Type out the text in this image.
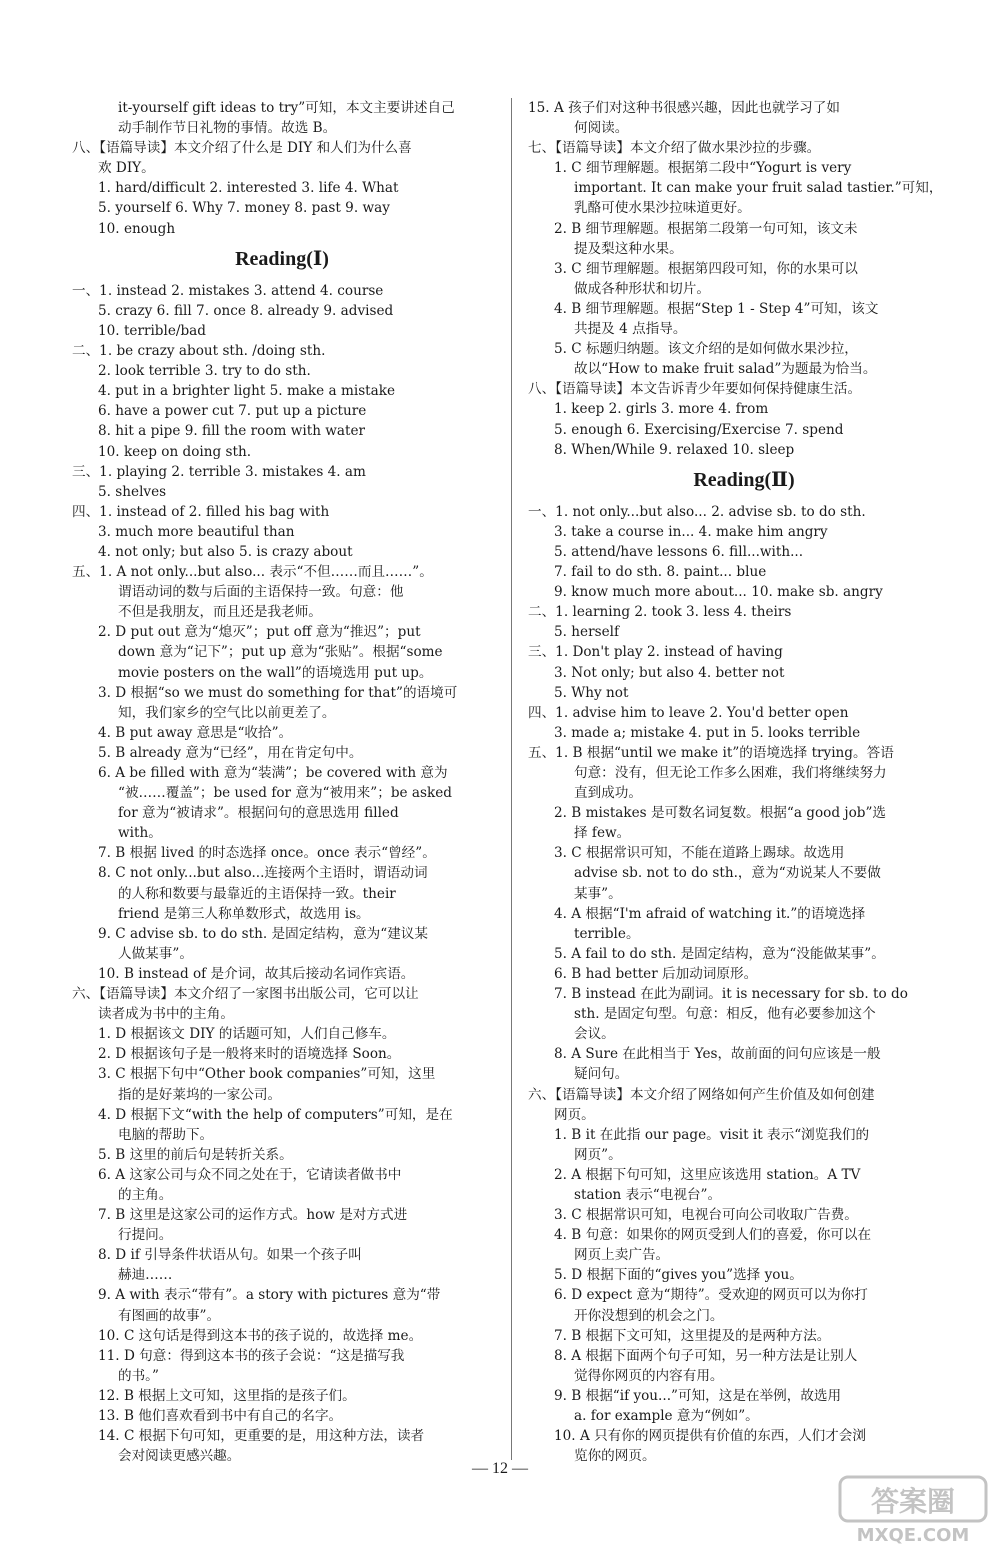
it-yourself gift ideas to try”可知，本文主要讲述自己

动手制作节日礼物的事情。故选 B。

八、【语篇导读】本文介绍了什么是 DIY 和人们为什么喜

欢 DIY。

1. hard/difficult 2. interested 3. life 4. What

5. yourself 6. Why 7. money 8. past 9. way

10. enough

Reading(Ⅰ)

一、1. instead 2. mistakes 3. attend 4. course

5. crazy 6. fill 7. once 8. already 9. advised

10. terrible/bad

二、1. be crazy about sth. /doing sth.

2. look terrible 3. try to do sth.

4. put in a brighter light 5. make a mistake

6. have a power cut 7. put up a picture

8. hit a pipe 9. fill the room with water

10. keep on doing sth.

三、1. playing 2. terrible 3. mistakes 4. am

5. shelves

四、1. instead of 2. filled his bag with

3. much more beautiful than

4. not only; but also 5. is crazy about

五、1. A not only...but also... 表示“不但……而且……”。

谓语动词的数与后面的主语保持一致。句意：他

不但是我朋友，而且还是我老师。

2. D put out 意为“熄灭”；put off 意为“推迟”；put

down 意为“记下”；put up 意为“张贴”。根据“some

movie posters on the wall”的语境选用 put up。

3. D 根据“so we must do something for that”的语境可

知，我们家乡的空气比以前更差了。

4. B put away 意思是“收拾”。

5. B already 意为“已经”，用在肯定句中。

6. A be filled with 意为“装满”；be covered with 意为

“被……覆盖”；be used for 意为“被用来”；be asked

for 意为“被请求”。根据问句的意思选用 filled

with。

7. B 根据 lived 的时态选择 once。once 表示“曾经”。

8. C not only...but also...连接两个主语时，谓语动词

的人称和数要与最靠近的主语保持一致。their

friend 是第三人称单数形式，故选用 is。

9. C advise sb. to do sth. 是固定结构，意为“建议某

人做某事”。

10. B instead of 是介词，故其后接动名词作宾语。

六、【语篇导读】本文介绍了一家图书出版公司，它可以让

读者成为书中的主角。

1. D 根据该文 DIY 的话题可知，人们自己修车。

2. D 根据该句子是一般将来时的语境选择 Soon。

3. C 根据下句中“Other book companies”可知，这里

指的是好莱坞的一家公司。

4. D 根据下文“with the help of computers”可知，是在

电脑的帮助下。

5. B 这里的前后句是转折关系。

6. A 这家公司与众不同之处在于，它请读者做书中

的主角。

7. B 这里是这家公司的运作方式。how 是对方式进

行提问。

8. D if 引导条件状语从句。如果一个孩子叫

赫迪……

9. A with 表示“带有”。a story with pictures 意为“带

有图画的故事”。

10. C 这句话是得到这本书的孩子说的，故选择 me。

11. D 句意：得到这本书的孩子会说：“这是描写我

的书。”

12. B 根据上文可知，这里指的是孩子们。

13. B 他们喜欢看到书中有自己的名字。

14. C 根据下句可知，更重要的是，用这种方法，读者

会对阅读更感兴趣。

15. A 孩子们对这种书很感兴趣，因此也就学习了如

何阅读。

七、【语篇导读】本文介绍了做水果沙拉的步骤。

1. C 细节理解题。根据第二段中“Yogurt is very

important. It can make your fruit salad tastier.”可知，

乳酪可使水果沙拉味道更好。

2. B 细节理解题。根据第二段第一句可知，该文未

提及梨这种水果。

3. C 细节理解题。根据第四段可知，你的水果可以

做成各种形状和切片。

4. B 细节理解题。根据“Step 1 - Step 4”可知，该文

共提及 4 点指导。

5. C 标题归纳题。该文介绍的是如何做水果沙拉，

故以“How to make fruit salad”为题最为恰当。

八、【语篇导读】本文告诉青少年要如何保持健康生活。

1. keep 2. girls 3. more 4. from

5. enough 6. Exercising/Exercise 7. spend

8. When/While 9. relaxed 10. sleep

Reading(Ⅱ)

一、1. not only...but also... 2. advise sb. to do sth.

3. take a course in... 4. make him angry

5. attend/have lessons 6. fill...with...

7. fail to do sth. 8. paint... blue

9. know much more about... 10. make sb. angry

二、1. learning 2. took 3. less 4. theirs

5. herself

三、1. Don't play 2. instead of having

3. Not only; but also 4. better not

5. Why not

四、1. advise him to leave 2. You'd better open

3. made a; mistake 4. put in 5. looks terrible

五、1. B 根据“until we make it”的语境选择 trying。答语

句意：没有，但无论工作多么困难，我们将继续努力

直到成功。

2. B mistakes 是可数名词复数。根据“a good job”选

择 few。

3. C 根据常识可知，不能在道路上踢球。故选用

advise sb. not to do sth.，意为“劝说某人不要做

某事”。

4. A 根据“I'm afraid of watching it.”的语境选择

terrible。

5. A fail to do sth. 是固定结构，意为“没能做某事”。

6. B had better 后加动词原形。

7. B instead 在此为副词。it is necessary for sb. to do

sth. 是固定句型。句意：相反，他有必要参加这个

会议。

8. A Sure 在此相当于 Yes，故前面的问句应该是一般

疑问句。

六、【语篇导读】本文介绍了网络如何产生价值及如何创建

网页。

1. B it 在此指 our page。visit it 表示“浏览我们的

网页”。

2. A 根据下句可知，这里应该选用 station。A TV

station 表示“电视台”。

3. C 根据常识可知，电视台可向公司收取广告费。

4. B 句意：如果你的网页受到人们的喜爱，你可以在

网页上卖广告。

5. D 根据下面的“gives you”选择 you。

6. D expect 意为“期待”。受欢迎的网页可以为你打

开你没想到的机会之门。

7. B 根据下文可知，这里提及的是两种方法。

8. A 根据下面两个句子可知，另一种方法是让别人

觉得你网页的内容有用。

9. B 根据“if you...”可知，这是在举例，故选用

a. for example 意为“例如”。

10. A 只有你的网页提供有价值的东西，人们才会浏

览你的网页。

— 12 —
答案圈
MXQE.COM
